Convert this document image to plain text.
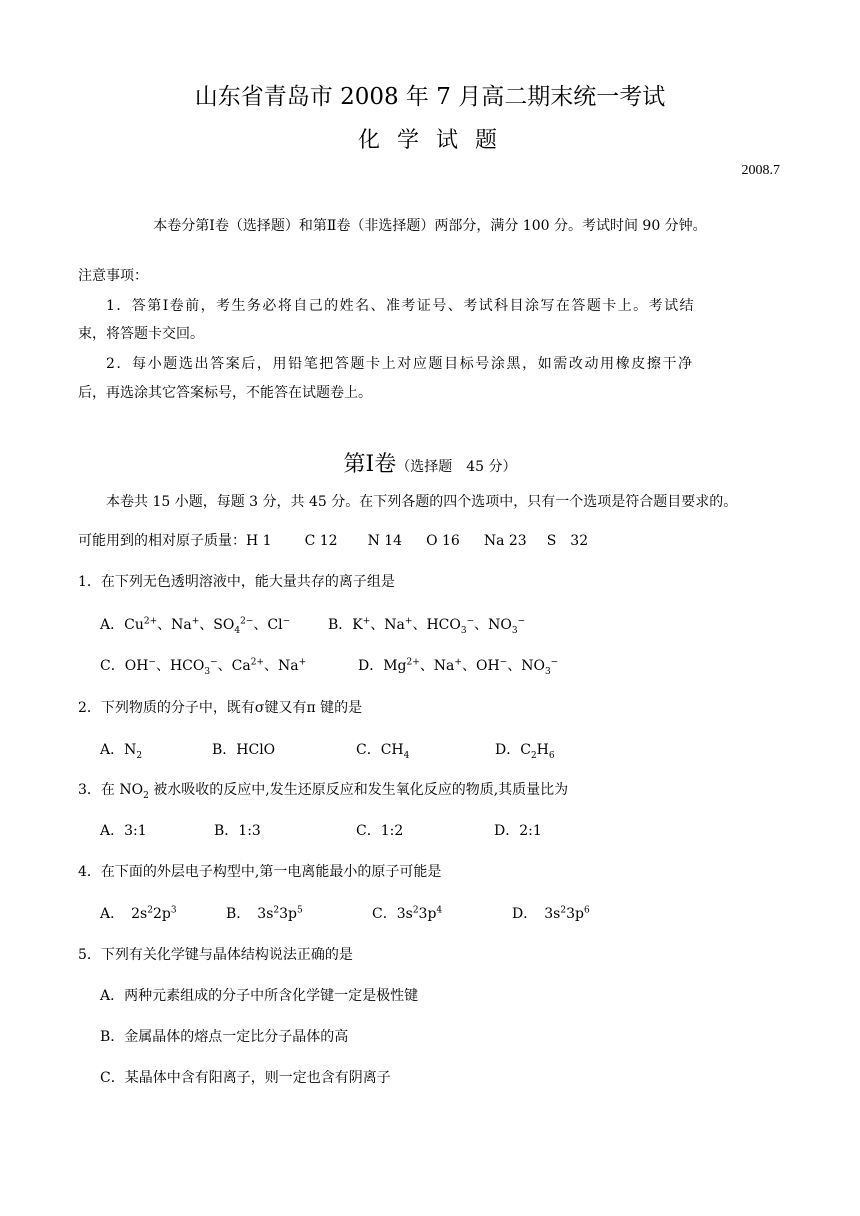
山东省青岛市 2008 年 7 月高二期末统一考试
化 学 试 题
2008.7
本卷分第Ⅰ卷（选择题）和第Ⅱ卷（非选择题）两部分，满分 100 分。考试时间 90 分钟。
注意事项：
1．答第Ⅰ卷前，考生务必将自己的姓名、准考证号、考试科目涂写在答题卡上。考试结
束，将答题卡交回。
2．每小题选出答案后，用铅笔把答题卡上对应题目标号涂黑，如需改动用橡皮擦干净
后，再选涂其它答案标号，不能答在试题卷上。
第Ⅰ卷（选择题　45 分）
本卷共 15 小题，每题 3 分，共 45 分。在下列各题的四个选项中，只有一个选项是符合题目要求的。
可能用到的相对原子质量：H 1 C 12 N 14 O 16 Na 23 S　32
1．在下列无色透明溶液中，能大量共存的离子组是
A．$Cu^{2+}$、Na+、$SO_4^{2-}$、Cl−	B．K+、Na+、$HCO_3^-$、$NO_3^-$
C．OH−、$HCO_3^-$、$Ca^{2+}$、Na+	D．$Mg^{2+}$、Na+、OH−、$NO_3^-$
2．下列物质的分子中，既有σ键又有π 键的是
A．$N_2$	B．HClO	C．$CH_4$	D．$C_2H_6$
3．在 $NO_2$ 被水吸收的反应中,发生还原反应和发生氧化反应的物质,其质量比为
A．3:1	B．1:3	C．1:2	D．2:1
4．在下面的外层电子构型中,第一电离能最小的原子可能是
A．　$2s^22p^3$	B．　$3s^23p^5$	C．$3s^23p^4$	D．　$3s^23p^6$
5．下列有关化学键与晶体结构说法正确的是
A．两种元素组成的分子中所含化学键一定是极性键
B．金属晶体的熔点一定比分子晶体的高
C．某晶体中含有阳离子，则一定也含有阴离子
